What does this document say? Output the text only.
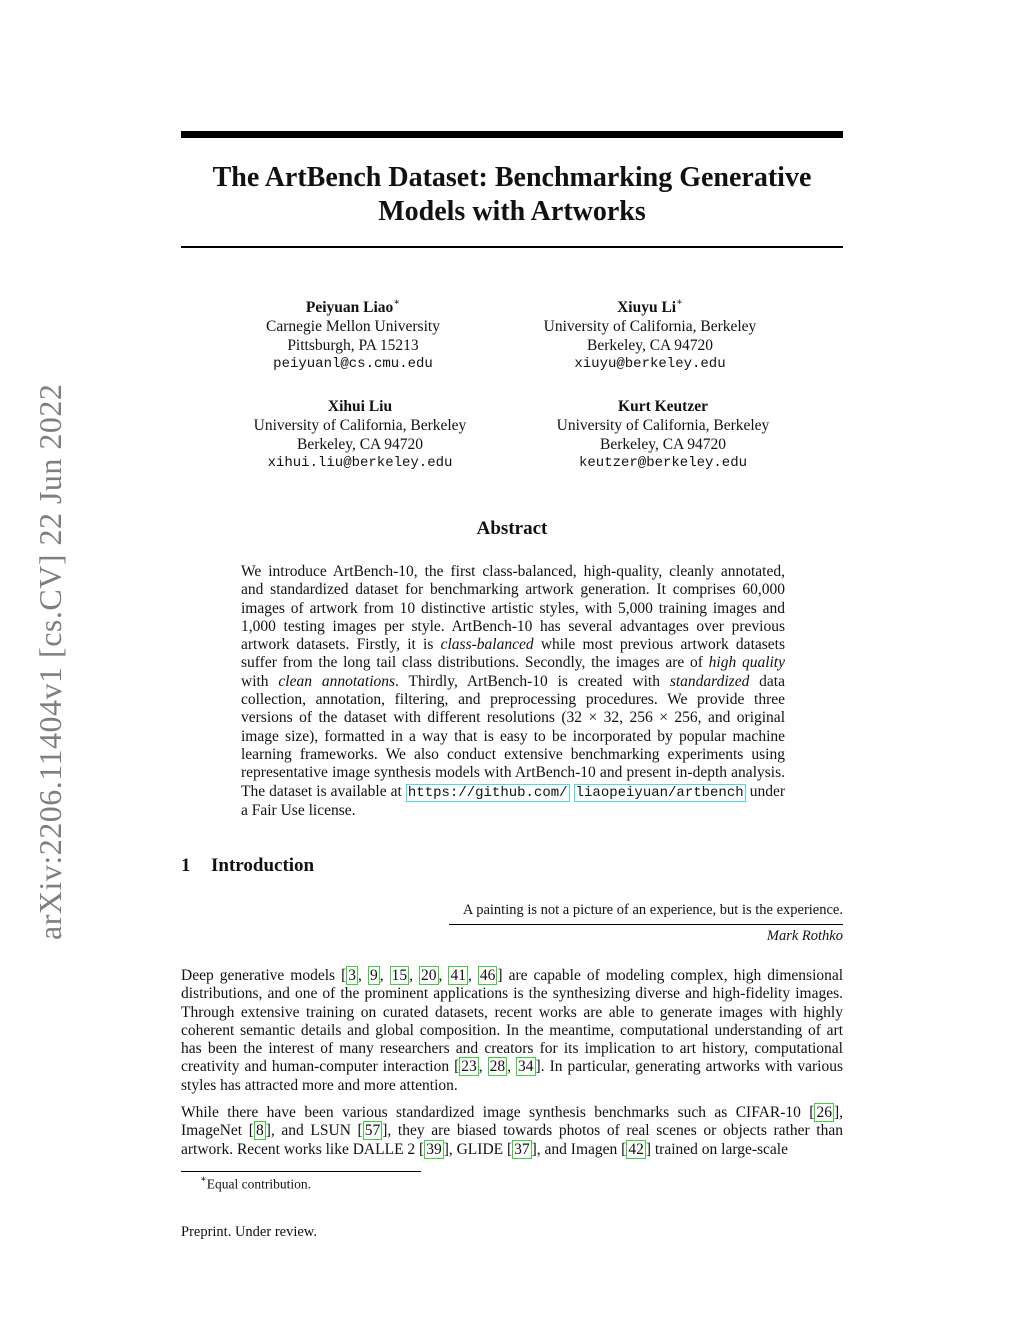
arXiv:2206.11404v1 [cs.CV] 22 Jun 2022
The ArtBench Dataset: Benchmarking Generative
Models with Artworks
Peiyuan Liao∗
Carnegie Mellon University
Pittsburgh, PA 15213
peiyuanl@cs.cmu.edu
Xiuyu Li∗
University of California, Berkeley
Berkeley, CA 94720
xiuyu@berkeley.edu
Xihui Liu
University of California, Berkeley
Berkeley, CA 94720
xihui.liu@berkeley.edu
Kurt Keutzer
University of California, Berkeley
Berkeley, CA 94720
keutzer@berkeley.edu
Abstract
We introduce ArtBench-10, the first class-balanced, high-quality, cleanly annotated, and standardized dataset for benchmarking artwork generation. It comprises 60,000 images of artwork from 10 distinctive artistic styles, with 5,000 training images and 1,000 testing images per style. ArtBench-10 has several advantages over previous artwork datasets. Firstly, it is class-balanced while most previous artwork datasets suffer from the long tail class distributions. Secondly, the images are of high quality with clean annotations. Thirdly, ArtBench-10 is created with standardized data collection, annotation, filtering, and preprocessing procedures. We provide three versions of the dataset with different resolutions (32 × 32, 256 × 256, and original image size), formatted in a way that is easy to be incorporated by popular machine learning frameworks. We also conduct extensive benchmarking experiments using representative image synthesis models with ArtBench-10 and present in-depth analysis. The dataset is available at https://github.com/ liaopeiyuan/artbench under a Fair Use license.
1 Introduction
A painting is not a picture of an experience, but is the experience.
Mark Rothko
Deep generative models [ 3 , 9 , 15 , 20 , 41 , 46 ] are capable of modeling complex, high dimensional distributions, and one of the prominent applications is the synthesizing diverse and high-fidelity images. Through extensive training on curated datasets, recent works are able to generate images with highly coherent semantic details and global composition. In the meantime, computational understanding of art has been the interest of many researchers and creators for its implication to art history, computational creativity and human-computer interaction [ 23 , 28 , 34 ]. In particular, generating artworks with various styles has attracted more and more attention.
While there have been various standardized image synthesis benchmarks such as CIFAR-10 [ 26 ], ImageNet [ 8 ], and LSUN [ 57 ], they are biased towards photos of real scenes or objects rather than artwork. Recent works like DALLE 2 [ 39 ], GLIDE [ 37 ], and Imagen [ 42 ] trained on large-scale
∗Equal contribution.
Preprint. Under review.
